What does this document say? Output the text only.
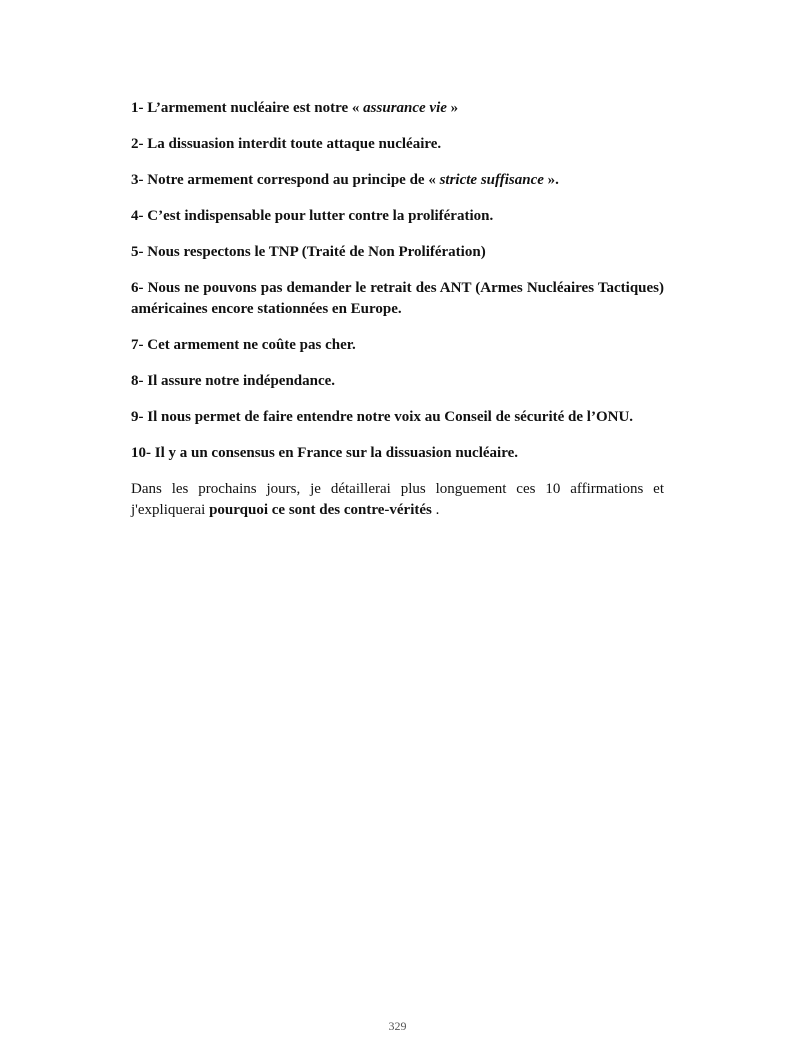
1- L’armement nucléaire est notre « assurance vie »

2- La dissuasion interdit toute attaque nucléaire.

3- Notre armement correspond au principe de « stricte suffisance ».

4- C’est indispensable pour lutter contre la prolifération.

5- Nous respectons le TNP (Traité de Non Prolifération)

6- Nous ne pouvons pas demander le retrait des ANT (Armes Nucléaires Tactiques) américaines encore stationnées en Europe.

7- Cet armement ne coûte pas cher.

8- Il assure notre indépendance.

9- Il nous permet de faire entendre notre voix au Conseil de sécurité de l’ONU.

10- Il y a un consensus en France sur la dissuasion nucléaire.

Dans les prochains jours, je détaillerai plus longuement ces 10 affirmations et j'expliquerai pourquoi ce sont des contre-vérités .

329
